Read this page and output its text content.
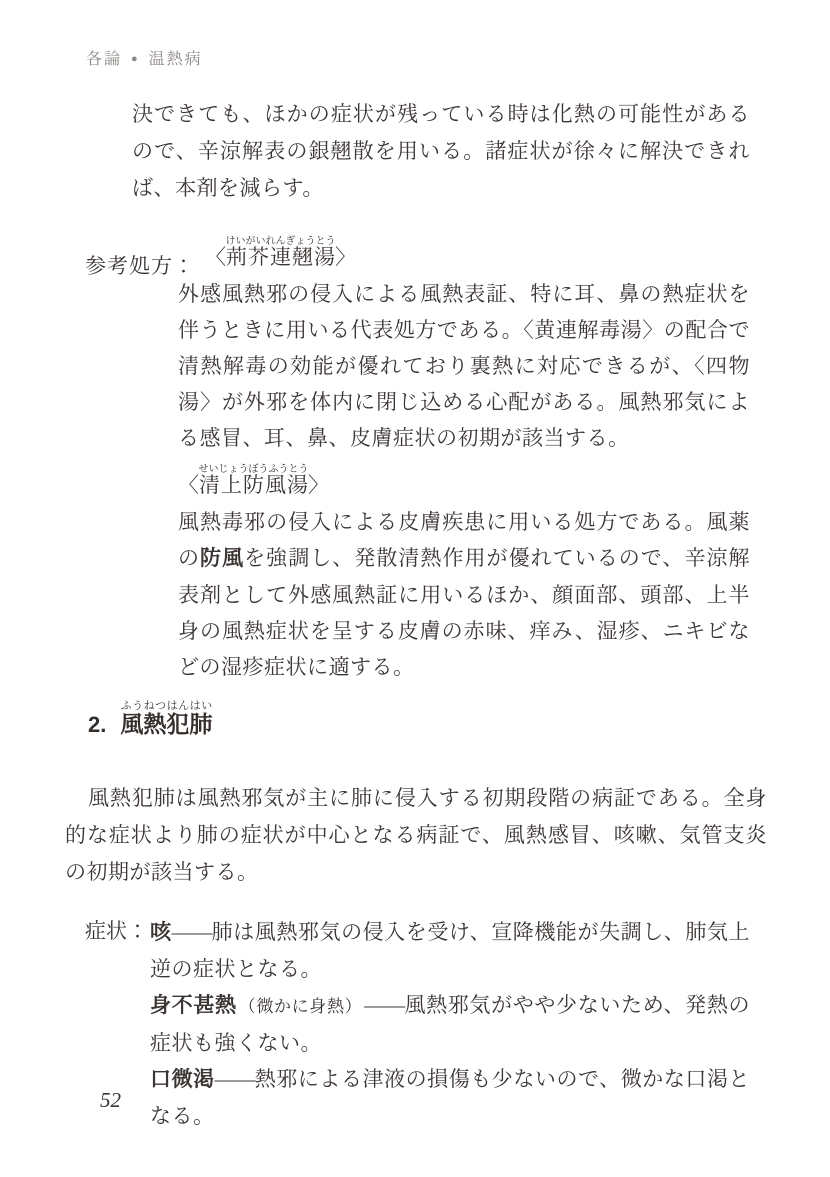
各論 ● 温熱病

決できても、ほかの症状が残っている時は化熱の可能性があるので、辛涼解表の銀翹散を用いる。諸症状が徐々に解決できれば、本剤を減らす。

参考処方： 〈荊芥連翹湯けいがいれんぎょうとう〉

外感風熱邪の侵入による風熱表証、特に耳、鼻の熱症状を伴うときに用いる代表処方である。〈黄連解毒湯〉の配合で清熱解毒の効能が優れており裏熱に対応できるが、〈四物湯〉が外邪を体内に閉じ込める心配がある。風熱邪気による感冒、耳、鼻、皮膚症状の初期が該当する。

〈清上防風湯せいじょうぼうふうとう〉

風熱毒邪の侵入による皮膚疾患に用いる処方である。風薬の防風を強調し、発散清熱作用が優れているので、辛涼解表剤として外感風熱証に用いるほか、顔面部、頭部、上半身の風熱症状を呈する皮膚の赤味、痒み、湿疹、ニキビなどの湿疹症状に適する。

2. 風熱犯肺ふうねつはんはい

風熱犯肺は風熱邪気が主に肺に侵入する初期段階の病証である。全身的な症状より肺の症状が中心となる病証で、風熱感冒、咳嗽、気管支炎の初期が該当する。

症状： 咳——肺は風熱邪気の侵入を受け、宣降機能が失調し、肺気上逆の症状となる。

身不甚熱 （微かに身熱）——風熱邪気がやや少ないため、発熱の症状も強くない。

口微渇——熱邪による津液の損傷も少ないので、微かな口渇となる。

52
